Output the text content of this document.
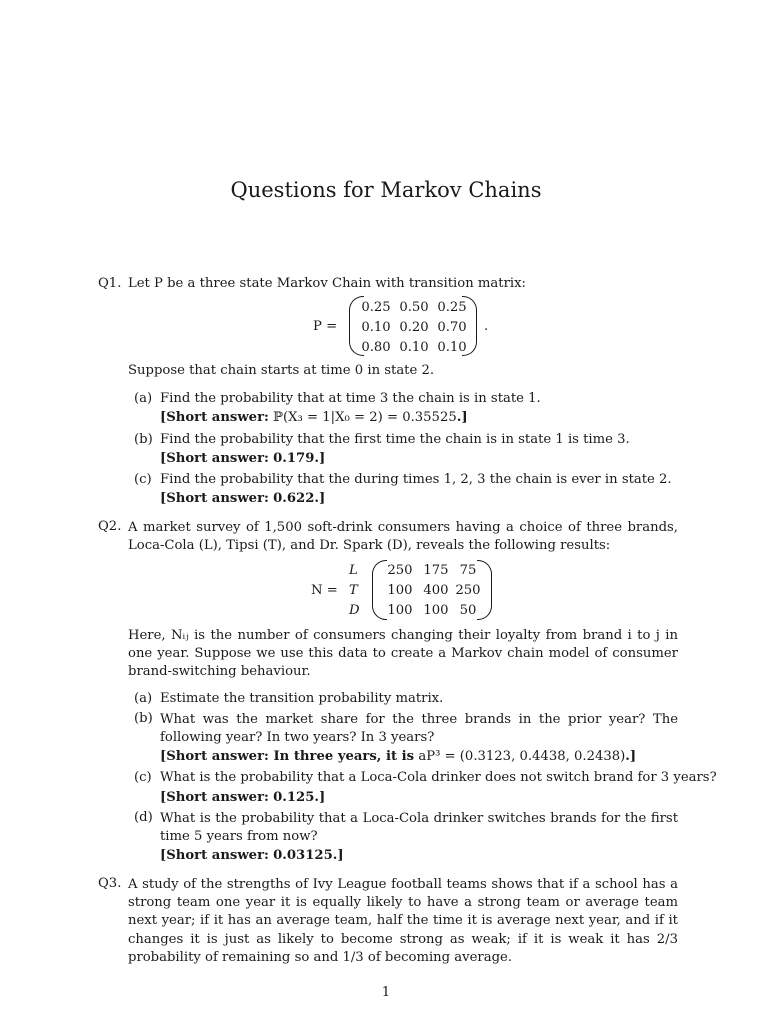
Questions for Markov Chains
Q1. Let P be a three state Markov Chain with transition matrix:
P =
0.25 0.50 0.25
0.10 0.20 0.70
0.80 0.10 0.10
.
Suppose that chain starts at time 0 in state 2.
(a) Find the probability that at time 3 the chain is in state 1.
[Short answer: ℙ(X₃ = 1|X₀ = 2) = 0.35525.]
(b) Find the probability that the first time the chain is in state 1 is time 3.
[Short answer: 0.179.]
(c) Find the probability that the during times 1, 2, 3 the chain is ever in state 2.
[Short answer: 0.622.]
Q2. A market survey of 1,500 soft-drink consumers having a choice of three brands, Loca-Cola (L), Tipsi (T), and Dr. Spark (D), reveals the following results:
N =
L
T
D
250 175 75
100 400 250
100 100 50
Here, Nᵢⱼ is the number of consumers changing their loyalty from brand i to j in one year. Suppose we use this data to create a Markov chain model of consumer brand-switching behaviour.
(a) Estimate the transition probability matrix.
(b) What was the market share for the three brands in the prior year? The following year? In two years? In 3 years?
[Short answer: In three years, it is aP³ = (0.3123, 0.4438, 0.2438).]
(c) What is the probability that a Loca-Cola drinker does not switch brand for 3 years?
[Short answer: 0.125.]
(d) What is the probability that a Loca-Cola drinker switches brands for the first time 5 years from now?
[Short answer: 0.03125.]
Q3. A study of the strengths of Ivy League football teams shows that if a school has a strong team one year it is equally likely to have a strong team or average team next year; if it has an average team, half the time it is average next year, and if it changes it is just as likely to become strong as weak; if it is weak it has 2/3 probability of remaining so and 1/3 of becoming average.
1
